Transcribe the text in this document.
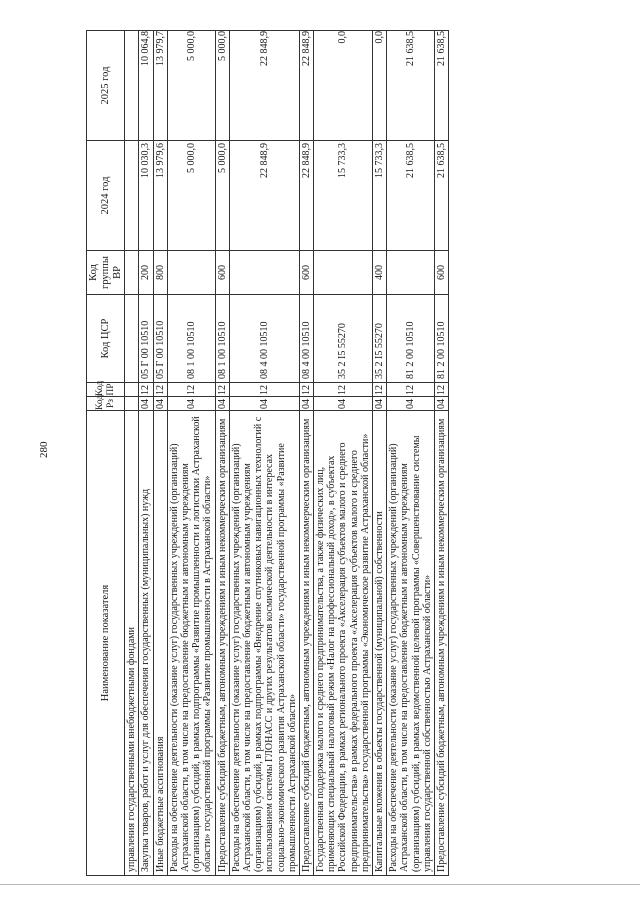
280
Наименование показателя	Код Рз	Код ПР	Код ЦСР	Код группы ВР	2024 год	2025 год
управления государственными внебюджетными фондами						
Закупка товаров, работ и услуг для обеспечения государственных (муниципальных) нужд	04	12	05 Г 00 10510	200	10 030,3	10 064,8
Иные бюджетные ассигнования	04	12	05 Г 00 10510	800	13 979,6	13 979,7
Расходы на обеспечение деятельности (оказание услуг) государственных учреждений (организаций) Астраханской области, в том числе на предоставление бюджетным и автономным учреждениям (организациям) субсидий, в рамках подпрограммы «Развитие промышленности и логистики Астраханской области» государственной программы «Развитие промышленности в Астраханской области»	04	12	08 1 00 10510		5 000,0	5 000,0
Предоставление субсидий бюджетным, автономным учреждениям и иным некоммерческим организациям	04	12	08 1 00 10510	600	5 000,0	5 000,0
Расходы на обеспечение деятельности (оказание услуг) государственных учреждений (организаций) Астраханской области, в том числе на предоставление бюджетным и автономным учреждениям (организациям) субсидий, в рамках подпрограммы «Внедрение спутниковых навигационных технологий с использованием системы ГЛОНАСС и других результатов космической деятельности в интересах социально-экономического развития Астраханской области» государственной программы «Развитие промышленности Астраханской области»	04	12	08 4 00 10510		22 848,9	22 848,9
Предоставление субсидий бюджетным, автономным учреждениям и иным некоммерческим организациям	04	12	08 4 00 10510	600	22 848,9	22 848,9
Государственная поддержка малого и среднего предпринимательства, а также физических лиц, применяющих специальный налоговый режим «Налог на профессиональный доход», в субъектах Российской Федерации, в рамках регионального проекта «Акселерация субъектов малого и среднего предпринимательства» в рамках федерального проекта «Акселерация субъектов малого и среднего предпринимательства» государственной программы «Экономическое развитие Астраханской области»	04	12	35 2 I5 55270		15 733,3	0,0
Капитальные вложения в объекты государственной (муниципальной) собственности	04	12	35 2 I5 55270	400	15 733,3	0,0
Расходы на обеспечение деятельности (оказание услуг) государственных учреждений (организаций) Астраханской области, в том числе на предоставление бюджетным и автономным учреждениям (организациям) субсидий, в рамках ведомственной целевой программы «Совершенствование системы управления государственной собственностью Астраханской области»	04	12	81 2 00 10510		21 638,5	21 638,5
Предоставление субсидий бюджетным, автономным учреждениям и иным некоммерческим организациям	04	12	81 2 00 10510	600	21 638,5	21 638,5
